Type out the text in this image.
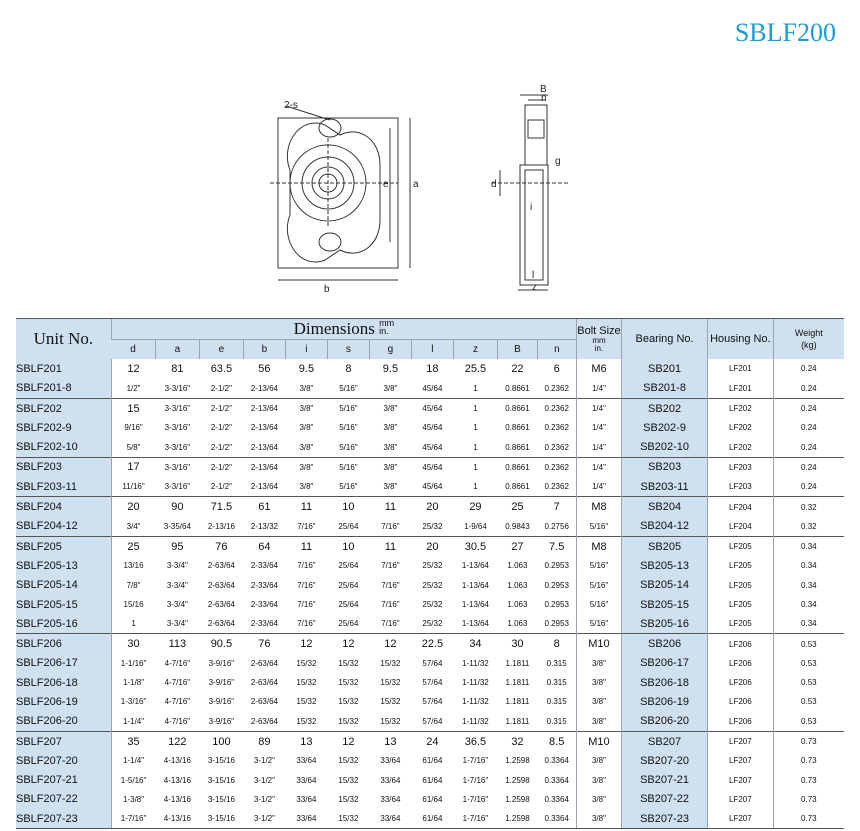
SBLF200
2-s
b
a
e
B
n
d
g
i
l
z
Unit No.	Dimensions mm
in.											Bolt Size
mm
in.	Bearing No.	Housing No.	Weight
(kg)
	d	a	e	b	i	s	g	l	z	B	n				
SBLF201	12	81	63.5	56	9.5	8	9.5	18	25.5	22	6	M6	SB201	LF201	0.24
SBLF201-8	1/2"	3-3/16"	2-1/2"	2-13/64	3/8"	5/16"	3/8"	45/64	1	0.8661	0.2362	1/4"	SB201-8	LF201	0.24
SBLF202	15	3-3/16"	2-1/2"	2-13/64	3/8"	5/16"	3/8"	45/64	1	0.8661	0.2362	1/4"	SB202	LF202	0.24
SBLF202-9	9/16"	3-3/16"	2-1/2"	2-13/64	3/8"	5/16"	3/8"	45/64	1	0.8661	0.2362	1/4"	SB202-9	LF202	0.24
SBLF202-10	5/8"	3-3/16"	2-1/2"	2-13/64	3/8"	5/16"	3/8"	45/64	1	0.8661	0.2362	1/4"	SB202-10	LF202	0.24
SBLF203	17	3-3/16"	2-1/2"	2-13/64	3/8"	5/16"	3/8"	45/64	1	0.8661	0.2362	1/4"	SB203	LF203	0.24
SBLF203-11	11/16"	3-3/16"	2-1/2"	2-13/64	3/8"	5/16"	3/8"	45/64	1	0.8661	0.2362	1/4"	SB203-11	LF203	0.24
SBLF204	20	90	71.5	61	11	10	11	20	29	25	7	M8	SB204	LF204	0.32
SBLF204-12	3/4"	3-35/64	2-13/16	2-13/32	7/16"	25/64	7/16"	25/32	1-9/64	0.9843	0.2756	5/16"	SB204-12	LF204	0.32
SBLF205	25	95	76	64	11	10	11	20	30.5	27	7.5	M8	SB205	LF205	0.34
SBLF205-13	13/16	3-3/4"	2-63/64	2-33/64	7/16"	25/64	7/16"	25/32	1-13/64	1.063	0.2953	5/16"	SB205-13	LF205	0.34
SBLF205-14	7/8"	3-3/4"	2-63/64	2-33/64	7/16"	25/64	7/16"	25/32	1-13/64	1.063	0.2953	5/16"	SB205-14	LF205	0.34
SBLF205-15	15/16	3-3/4"	2-63/64	2-33/64	7/16"	25/64	7/16"	25/32	1-13/64	1.063	0.2953	5/16"	SB205-15	LF205	0.34
SBLF205-16	1	3-3/4"	2-63/64	2-33/64	7/16"	25/64	7/16"	25/32	1-13/64	1.063	0.2953	5/16"	SB205-16	LF205	0.34
SBLF206	30	113	90.5	76	12	12	12	22.5	34	30	8	M10	SB206	LF206	0.53
SBLF206-17	1-1/16"	4-7/16"	3-9/16"	2-63/64	15/32	15/32	15/32	57/64	1-11/32	1.1811	0.315	3/8"	SB206-17	LF206	0.53
SBLF206-18	1-1/8"	4-7/16"	3-9/16"	2-63/64	15/32	15/32	15/32	57/64	1-11/32	1.1811	0.315	3/8"	SB206-18	LF206	0.53
SBLF206-19	1-3/16"	4-7/16"	3-9/16"	2-63/64	15/32	15/32	15/32	57/64	1-11/32	1.1811	0.315	3/8"	SB206-19	LF206	0.53
SBLF206-20	1-1/4"	4-7/16"	3-9/16"	2-63/64	15/32	15/32	15/32	57/64	1-11/32	1.1811	0.315	3/8"	SB206-20	LF206	0.53
SBLF207	35	122	100	89	13	12	13	24	36.5	32	8.5	M10	SB207	LF207	0.73
SBLF207-20	1-1/4"	4-13/16	3-15/16	3-1/2"	33/64	15/32	33/64	61/64	1-7/16"	1.2598	0.3364	3/8"	SB207-20	LF207	0.73
SBLF207-21	1-5/16"	4-13/16	3-15/16	3-1/2"	33/64	15/32	33/64	61/64	1-7/16"	1.2598	0.3364	3/8"	SB207-21	LF207	0.73
SBLF207-22	1-3/8"	4-13/16	3-15/16	3-1/2"	33/64	15/32	33/64	61/64	1-7/16"	1.2598	0.3364	3/8"	SB207-22	LF207	0.73
SBLF207-23	1-7/16"	4-13/16	3-15/16	3-1/2"	33/64	15/32	33/64	61/64	1-7/16"	1.2598	0.3364	3/8"	SB207-23	LF207	0.73
